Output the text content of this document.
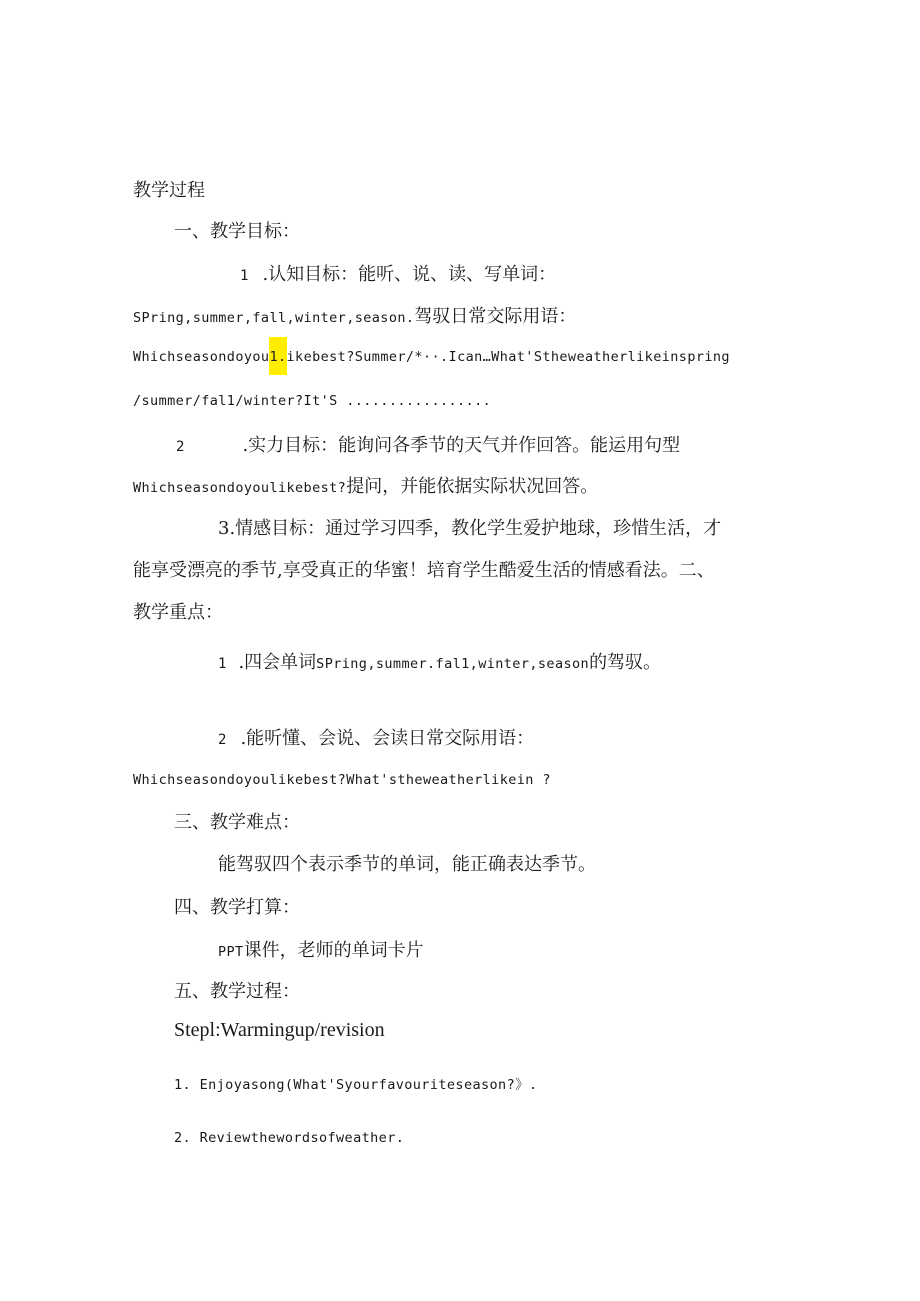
教学过程
一、教学目标：
1 .认知目标：能听、说、读、写单词：
SPring,summer,fall,winter,season.驾驭日常交际用语：
Whichseasondoyou1.ikebest?Summer/*··.Ican…What'Stheweatherlikeinspring
/summer/fal1/winter?It'S .................
2	.实力目标：能询问各季节的天气并作回答。能运用句型
Whichseasondoyoulikebest?提问，并能依据实际状况回答。
3.情感目标：通过学习四季，教化学生爱护地球，珍惜生活，才
能享受漂亮的季节,享受真正的华蜜！培育学生酷爱生活的情感看法。二、
教学重点：
1 .四会单词SPring,summer.fal1,winter,season的驾驭。
2 .能听懂、会说、会读日常交际用语：
Whichseasondoyoulikebest?What'stheweatherlikein ?
三、教学难点：
能驾驭四个表示季节的单词，能正确表达季节。
四、教学打算：
PPT课件，老师的单词卡片
五、教学过程：
Stepl:Warmingup/revision
1. Enjoyasong(What'Syourfavouriteseason?》.
2. Reviewthewordsofweather.
